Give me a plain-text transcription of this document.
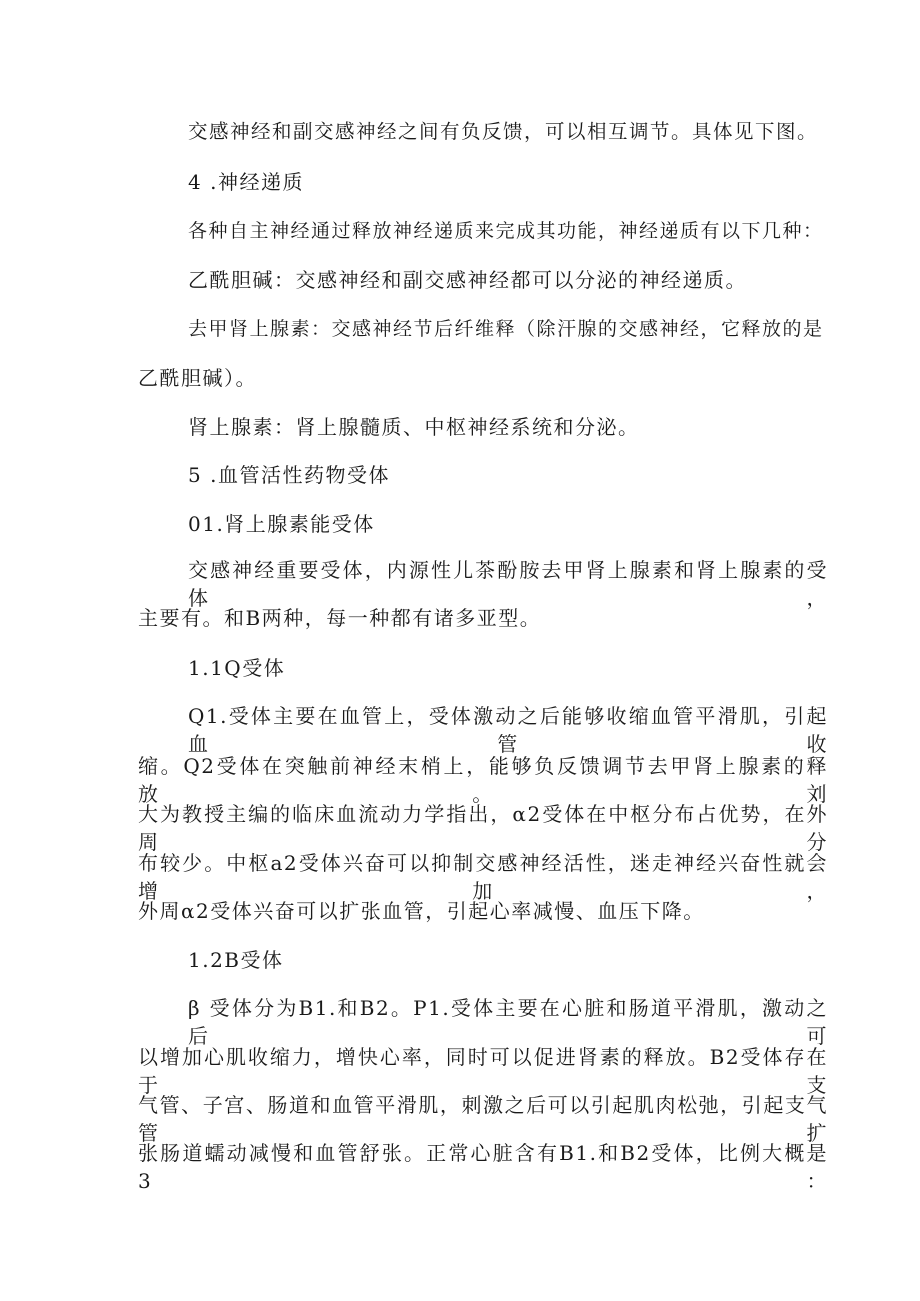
交感神经和副交感神经之间有负反馈，可以相互调节。具体见下图。

4 .神经递质

各种自主神经通过释放神经递质来完成其功能，神经递质有以下几种：

乙酰胆碱：交感神经和副交感神经都可以分泌的神经递质。

去甲肾上腺素：交感神经节后纤维释（除汗腺的交感神经，它释放的是

乙酰胆碱）。

肾上腺素：肾上腺髓质、中枢神经系统和分泌。

5 .血管活性药物受体

01.肾上腺素能受体

交感神经重要受体，内源性儿茶酚胺去甲肾上腺素和肾上腺素的受体，

主要有。和B两种，每一种都有诸多亚型。

1.1Q受体

Q1.受体主要在血管上，受体激动之后能够收缩血管平滑肌，引起血管收

缩。Q2受体在突触前神经末梢上，能够负反馈调节去甲肾上腺素的释放。刘

大为教授主编的临床血流动力学指出，α2受体在中枢分布占优势，在外周分

布较少。中枢a2受体兴奋可以抑制交感神经活性，迷走神经兴奋性就会增加，

外周α2受体兴奋可以扩张血管，引起心率减慢、血压下降。

1.2B受体

β 受体分为B1.和B2。P1.受体主要在心脏和肠道平滑肌，激动之后可

以增加心肌收缩力，增快心率，同时可以促进肾素的释放。B2受体存在于支

气管、子宫、肠道和血管平滑肌，刺激之后可以引起肌肉松弛，引起支气管扩

张肠道蠕动减慢和血管舒张。正常心脏含有B1.和B2受体，比例大概是3：
